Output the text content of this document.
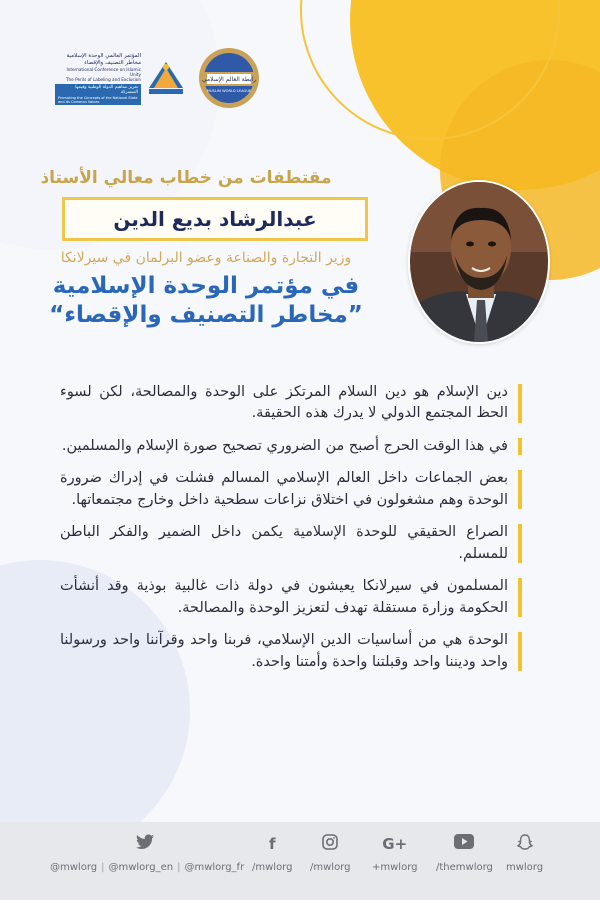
المؤتمر العالمي الوحدة الإسلامية
مخاطر التصنيف والإقصاء
International Conference on Islamic Unity
The Perils of Labeling and Exclusion
تعزيز مفاهيم الدولة الوطنية وقيمها المشتركة
Promoting the Concepts of the National State and Its Common Values
رابطة العالم الإسلامي
MUSLIM WORLD LEAGUE
مقتطفات من خطاب معالي الأستاذ
عبدالرشاد بديع الدين
وزير التجارة والصناعة وعضو البرلمان في سيرلانكا
في مؤتمر الوحدة الإسلامية
”مخاطر التصنيف والإقصاء“

دين الإسلام هو دين السلام المرتكز على الوحدة والمصالحة، لكن لسوء الحظ المجتمع الدولي لا يدرك هذه الحقيقة.

في هذا الوقت الحرج أصبح من الضروري تصحيح صورة الإسلام والمسلمين.

بعض الجماعات داخل العالم الإسلامي المسالم فشلت في إدراك ضرورة الوحدة وهم مشغولون في اختلاق نزاعات سطحية داخل وخارج مجتمعاتها.

الصراع الحقيقي للوحدة الإسلامية يكمن داخل الضمير والفكر الباطن للمسلم.

المسلمون في سيرلانكا يعيشون في دولة ذات غالبية بوذية وقد أنشأت الحكومة وزارة مستقلة تهدف لتعزيز الوحدة والمصالحة.

الوحدة هي من أساسيات الدين الإسلامي، فربنا واحد وقرآننا واحد ورسولنا واحد وديننا واحد وقبلتنا واحدة وأمتنا واحدة.

@mwlorg | @mwlorg_en | @mwlorg_fr
f
/mwlorg /mwlorg
G+
+mwlorg /themwlorg mwlorg
